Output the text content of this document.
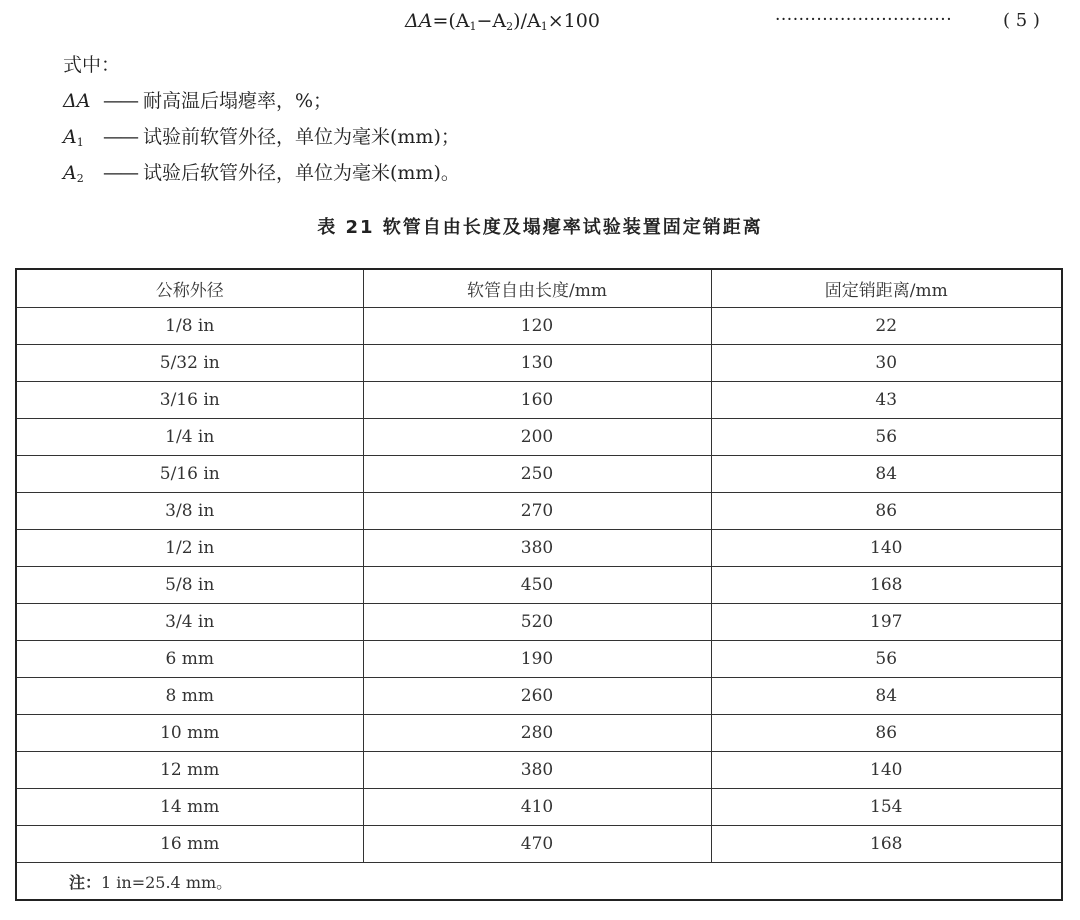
$\Delta A=(A_1-A_2)/A_1\times 100$	······························	( 5 )
式中：
ΔA —— 耐高温后塌瘪率，%；
$A_1$ —— 试验前软管外径，单位为毫米(mm)；
$A_2$ —— 试验后软管外径，单位为毫米(mm)。
表 21 软管自由长度及塌瘪率试验装置固定销距离
公称外径	软管自由长度/mm	固定销距离/mm
1/8 in	120	22
5/32 in	130	30
3/16 in	160	43
1/4 in	200	56
5/16 in	250	84
3/8 in	270	86
1/2 in	380	140
5/8 in	450	168
3/4 in	520	197
6 mm	190	56
8 mm	260	84
10 mm	280	86
12 mm	380	140
14 mm	410	154
16 mm	470	168
注：1 in=25.4 mm。		
